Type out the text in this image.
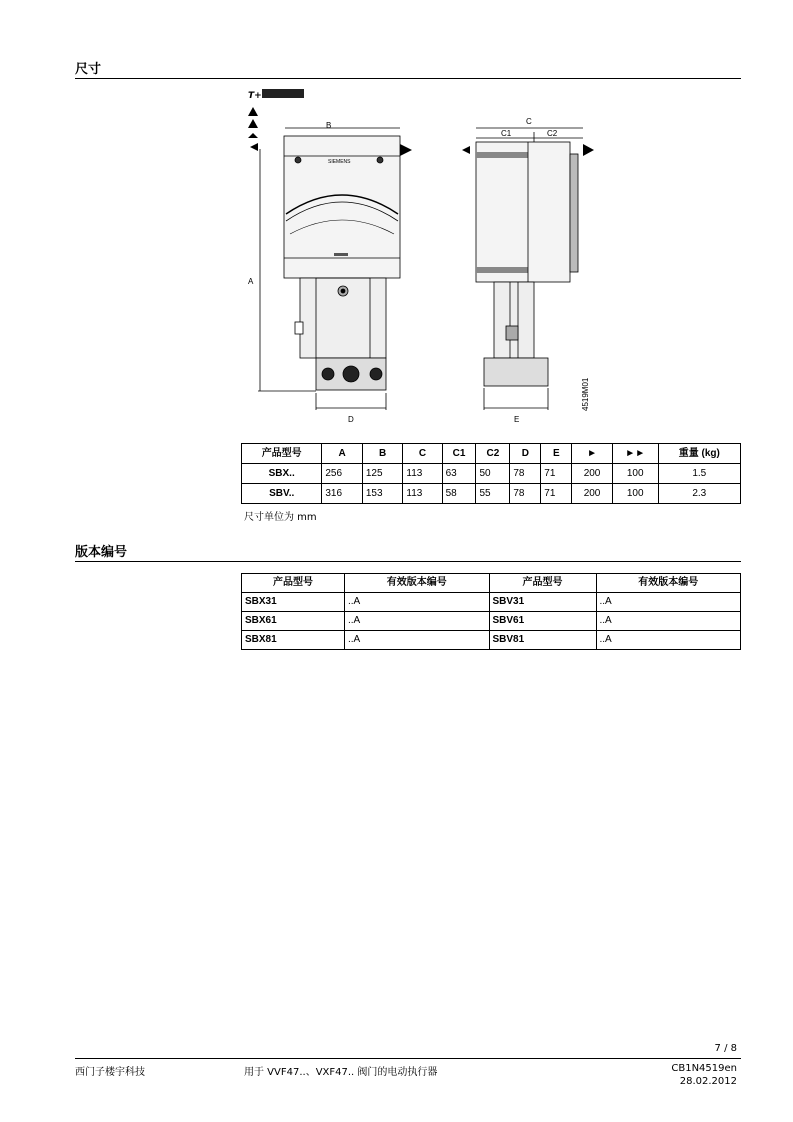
尺寸
T+
B
SIEMENS
A
D
C
C1	C2
E
4519M01
产品型号	A	B	C	C1	C2	D	E	►	►►	重量 (kg)
SBX..	256	125	113	63	50	78	71	200	100	1.5
SBV..	316	153	113	58	55	78	71	200	100	2.3
尺寸单位为 mm
版本编号
产品型号	有效版本编号	产品型号	有效版本编号
SBX31	..A	SBV31	..A
SBX61	..A	SBV61	..A
SBX81	..A	SBV81	..A
7 / 8
西门子楼宇科技	用于 VVF47..、VXF47.. 阀门的电动执行器	CB1N4519en
28.02.2012
